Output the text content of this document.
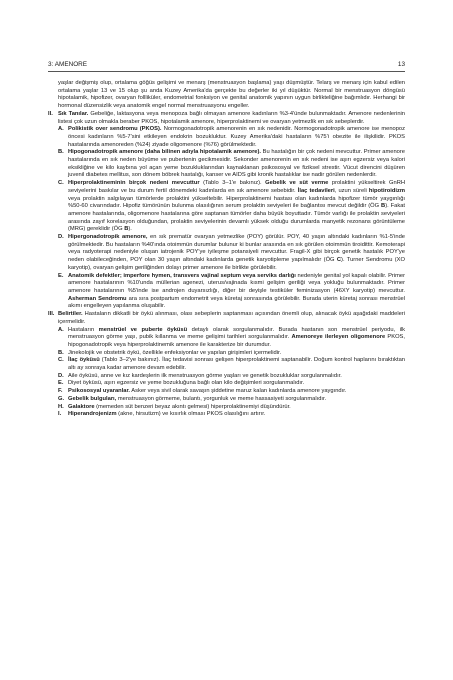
3: AMENORE	13

yaşlar değişmiş olup, ortalama göğüs gelişimi ve menarş (menstruasyon başlama) yaşı düşmüştür. Telarş ve menarş için kabul edilen ortalama yaşlar 13 ve 15 olup şu anda Kuzey Amerika'da gerçekte bu değerler iki yıl düşüktür. Normal bir menstruasyon döngüsü hipotalamik, hipofizer, ovaryan follliküler, endometrial fonksiyon ve genital anatomik yapının uygun birlikteliğine bağımlıdır. Herhangi bir hormonal düzensizlik veya anatomik engel normal menstruasyonu engeller.

II. Sık Tanılar. Gebeliğe, laktasyona veya menopoza bağlı olmayan amenore kadınların %3-4'ünde bulunmaktadır. Amenore nedenlerinin listesi çok uzun olmakla beraber PKOS, hipotalamik amenore, hiperprolaktinemi ve ovaryan yetmezlik en sık sebeplerdir.

A. Polikistik over sendromu (PKOS). Normogonadotropik amenorenin en sık nedenidir. Normogonadotropik amenore ise menopoz öncesi kadınların %5-7'sini etkileyen endokrin bozukluktur. Kuzey Amerika'daki hastaların %75'i obezite ile ilişkilidir. PKOS hastalarında amenoreden (%24) ziyade oligomenore (%76) görülmektedir.

B. Hipogonadotropik amenore (daha bilinen adıyla hipotalamik amenore). Bu hastalığın bir çok nedeni mevcuttur. Primer amenore hastalarında en sık neden büyüme ve pubertenin gecikmesidir. Sekonder amenorenin en sık nedeni ise aşırı egzersiz veya kalori eksikliğine ve kilo kaybına yol açan yeme bozukluklarından kaynaklanan psikososyal ve fiziksel strestir. Vücut direncini düşüren juvenil diabetes mellitus, son dönem böbrek hastalığı, kanser ve AIDS gibi kronik hastalıklar ise nadir görülen nedenlerdir.

C. Hiperprolaktineminin birçok nedeni mevcuttur (Tablo 3–1'e bakınız). Gebelik ve süt verme prolaktini yükseltirek GnRH seviyelerini baskılar ve bu durum fertil dönemdeki kadınlarda en sık amenore sebebidir. İlaç tedavileri, uzun süreli hipotiroidizm veya prolaktin salgılayan tümörlerde prolaktini yükseltebilir. Hiperprolaktinemi hastası olan kadınlarda hipofizer tümör yaygınlığı %50-60 civarındadır. Hipofiz tümörünün bulunma olasılığının serum prolaktin seviyeleri ile bağlantısı mevcut değildir (ÖG B). Fakat amenore hastalarında, oligomenore hastalarına göre saptanan tümörler daha büyük boyuttadır. Tümör varlığı ile prolaktin seviyeleri arasında zayıf korelasyon olduğundan, prolaktin seviyelerinin devamlı yüksek olduğu durumlarda manyetik rezonans görüntüleme (MRG) gereklidir (ÖG B).

D. Hipergonadotropik amenore, en sık prematür ovaryan yetmezlike (POY) görülür. POY, 40 yaşın altındaki kadınların %1-5'inde görülmektedir. Bu hastaların %40'ında otoimmün durumlar bulunur ki bunlar arasında en sık görülen otoimmün tiroidittir. Kemoterapi veya radyoterapi nedeniyle oluşan iatrojenik POY'ye iyileşme potansiyeli mevcuttur. Fragil-X gibi birçok genetik hastalık POY'ye neden olabileceğinden, POY olan 30 yaşın altındaki kadınlarda genetik karyotipleme yapılmalıdır (ÖG C). Turner Sendromu (XO karyotip), ovaryan gelişim geriliğinden dolayı primer amenore ile birlikte görülebilir.

E. Anatomik defektler; imperfore hymen, transvers vajinal septum veya serviks darlığı nedeniyle genital yol kapalı olabilir. Primer amenore hastalarının %10'unda müllerian agenezi, uterus/vajinada kısmi gelişim geriliği veya yokluğu bulunmaktadır. Primer amenore hastalarının %5'inde ise androjen duyarsızlığı, diğer bir deyişle testiküler feminizasyon (46XY karyotip) mevcuttur. Asherman Sendromu ara sıra postpartum endometrit veya küretaj sonrasında görülebilir. Burada uterin küretaj sonrası menstrüel akımı engelleyen yapılanma oluşabilir.

III. Belirtiler. Hastaların dikkatli bir öykü alınması, olası sebeplerin saptanması açısından önemli olup, alınacak öykü aşağıdaki maddeleri içermelidir.

A. Hastaların menstrüel ve puberte öyküsü detaylı olarak sorgulanmalıdır. Burada hastanın son menstrüel periyodu, ilk menstruasyon görme yaşı, pubik kıllanma ve meme gelişimi tarihleri sorgulanmalıdır. Amenoreye ilerleyen oligomenore PKOS, hipogonadotropik veya hiperprolaktinemik amenore ile karakterize bir durumdur.

B. Jinekolojik ve obstetrik öykü, özellikle enfeksiyonlar ve yapılan girişimleri içermelidir.

C. İlaç öyküsü (Tablo 3–2'ye bakınız). İlaç tedavisi sonrası gelişen hiperprolaktinemi saptanabilir. Doğum kontrol haplarını bıraktıktan altı ay sonraya kadar amenore devam edebilir.

D. Aile öyküsü, anne ve kız kardeşlerin ilk menstruasyon görme yaşları ve genetik bozukluklar sorgulanmalıdır.

E. Diyet öyküsü, aşırı egzersiz ve yeme bozukluğuna bağlı olan kilo değişimleri sorgulanmalıdır.

F. Psikososyal uyaranlar. Asker veya sivil olarak savaşın şiddetine maruz kalan kadınlarda amenore yaygındır.

G. Gebelik bulguları, menstruasyon görmeme, bulantı, yorgunluk ve meme hassasiyeti sorgulanmalıdır.

H. Galaktore (memeden süt benzeri beyaz akıntı gelmesi) hiperprolaktinemiyi düşündürür.

I. Hiperandrojenizm (akne, hirsutizm) ve kısırlık olması PKOS olasılığını artırır.
